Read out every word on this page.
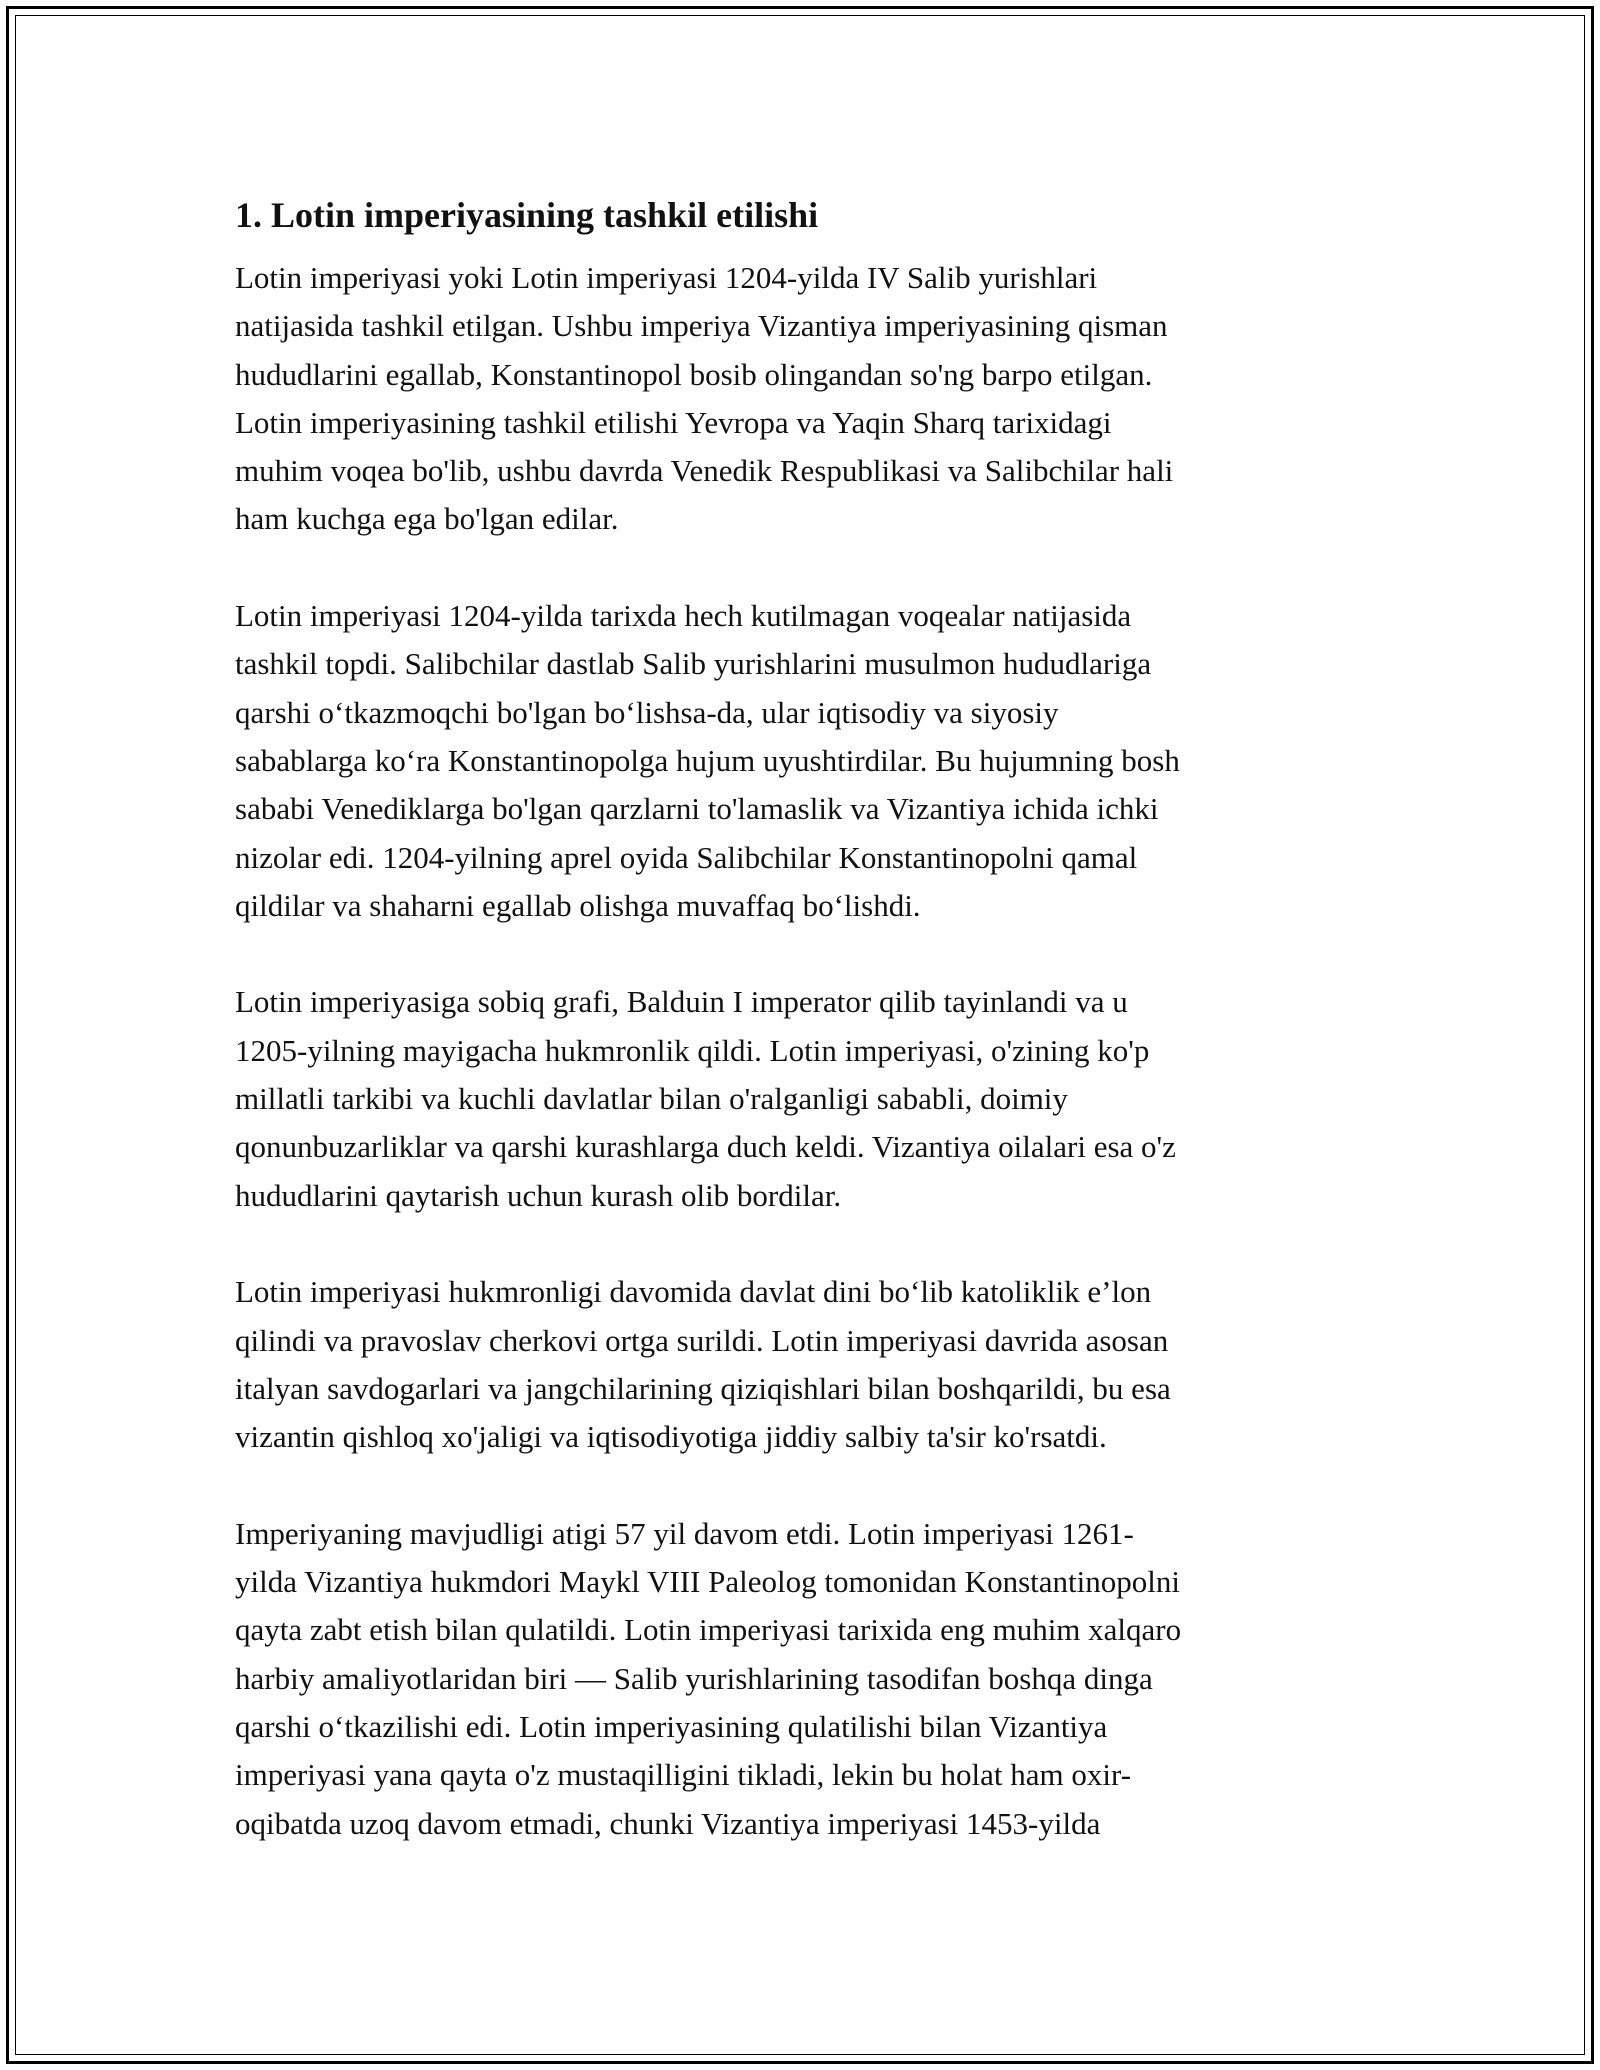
1. Lotin imperiyasining tashkil etilishi

Lotin imperiyasi yoki Lotin imperiyasi 1204-yilda IV Salib yurishlari
natijasida tashkil etilgan. Ushbu imperiya Vizantiya imperiyasining qisman
hududlarini egallab, Konstantinopol bosib olingandan so'ng barpo etilgan.
Lotin imperiyasining tashkil etilishi Yevropa va Yaqin Sharq tarixidagi
muhim voqea bo'lib, ushbu davrda Venedik Respublikasi va Salibchilar hali
ham kuchga ega bo'lgan edilar.

Lotin imperiyasi 1204-yilda tarixda hech kutilmagan voqealar natijasida
tashkil topdi. Salibchilar dastlab Salib yurishlarini musulmon hududlariga
qarshi o‘tkazmoqchi bo'lgan bo‘lishsa-da, ular iqtisodiy va siyosiy
sabablarga ko‘ra Konstantinopolga hujum uyushtirdilar. Bu hujumning bosh
sababi Venediklarga bo'lgan qarzlarni to'lamaslik va Vizantiya ichida ichki
nizolar edi. 1204-yilning aprel oyida Salibchilar Konstantinopolni qamal
qildilar va shaharni egallab olishga muvaffaq bo‘lishdi.

Lotin imperiyasiga sobiq grafi, Balduin I imperator qilib tayinlandi va u
1205-yilning mayigacha hukmronlik qildi. Lotin imperiyasi, o'zining ko'p
millatli tarkibi va kuchli davlatlar bilan o'ralganligi sababli, doimiy
qonunbuzarliklar va qarshi kurashlarga duch keldi. Vizantiya oilalari esa o'z
hududlarini qaytarish uchun kurash olib bordilar.

Lotin imperiyasi hukmronligi davomida davlat dini bo‘lib katoliklik e’lon
qilindi va pravoslav cherkovi ortga surildi. Lotin imperiyasi davrida asosan
italyan savdogarlari va jangchilarining qiziqishlari bilan boshqarildi, bu esa
vizantin qishloq xo'jaligi va iqtisodiyotiga jiddiy salbiy ta'sir ko'rsatdi.

Imperiyaning mavjudligi atigi 57 yil davom etdi. Lotin imperiyasi 1261-
yilda Vizantiya hukmdori Maykl VIII Paleolog tomonidan Konstantinopolni
qayta zabt etish bilan qulatildi. Lotin imperiyasi tarixida eng muhim xalqaro
harbiy amaliyotlaridan biri — Salib yurishlarining tasodifan boshqa dinga
qarshi o‘tkazilishi edi. Lotin imperiyasining qulatilishi bilan Vizantiya
imperiyasi yana qayta o'z mustaqilligini tikladi, lekin bu holat ham oxir-
oqibatda uzoq davom etmadi, chunki Vizantiya imperiyasi 1453-yilda
